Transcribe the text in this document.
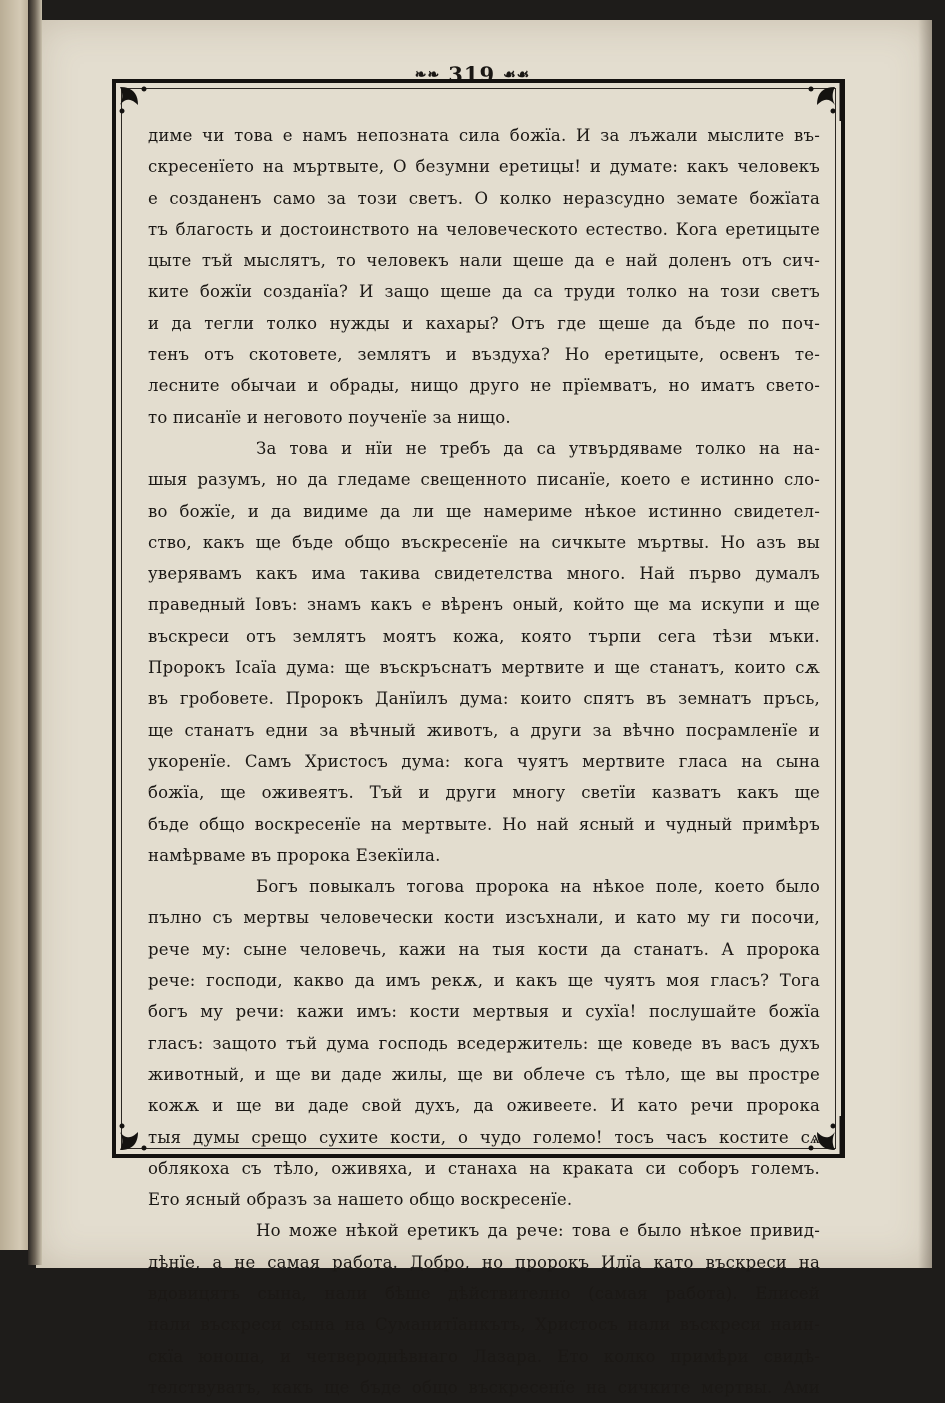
❧❧ 319 ☙☙
диме чи това е намъ непознатa сила божїа. И за лъжали мыслите въ-
скресенїето на мъртвыте, О безумни еретицы! и думате: какъ человекъ
е созданенъ само за този светъ. О колко неразсудно земате божїата
тъ благость и достоинството на человеческото естество. Кога еретицыте
цыте тъй мыслятъ, то человекъ нали щеше да е най доленъ отъ сич-
ките божїи созданїа? И защо щеше да са труди толко на този светъ
и да тегли толко нужды и кахары? Отъ где щеше да бъде по поч-
тенъ отъ скотовете, землятъ и въздуха? Но еретицыте, освенъ те-
лесните обычаи и обрады, нищо друго не прїемватъ, но иматъ свето-
то писанїе и неговото поученїе за нищо.
За това и нїи не требъ да са утвърдяваме толко на на-
шыя разумъ, но да гледаме свещенното писанїе, което е истинно сло-
во божїе, и да видиме да ли ще намериме нѣкое истинно свидетел-
ство, какъ ще бъде общо въскресенїе на сичкыте мъртвы. Но азъ вы
уверявамъ какъ има такива свидетелства много. Най първо думалъ
праведный Iовъ: знамъ какъ е вѣренъ оный, който ще ма искупи и ще
въскреси отъ землятъ моятъ кожа, която търпи сега тѣзи мъки.
Пророкъ Iсаїа дума: ще въскръснатъ мертвите и ще станатъ, които сѫ
въ гробовете. Пророкъ Данїилъ дума: които спятъ въ земнатъ пръсь,
ще станатъ едни за вѣчный животъ, а други за вѣчно посрамленїе и
укоренїе. Самъ Христосъ дума: кога чуятъ мертвите гласа на сына
божїа, ще оживеятъ. Тъй и други многу светїи казватъ какъ ще
бъде общо воскресенїе на мертвыте. Но най ясный и чудный примѣръ
намѣрваме въ пророка Езекїила.
Богъ повыкалъ тогова пророка на нѣкое поле, което было
пълно съ мертвы человечески кости изсъхнали, и като му ги посочи,
рече му: сыне человечь, кажи на тыя кости да станатъ. А пророка
рече: господи, какво да имъ рекѫ, и какъ ще чуятъ моя гласъ? Тога
богъ му речи: кажи имъ: кости мертвыя и сухїа! послушайте божїа
гласъ: защото тъй дума господь вседержитель: ще коведе въ васъ духъ
животный, и ще ви даде жилы, ще ви облече съ тѣло, ще вы простре
кожѫ и ще ви даде свой духъ, да оживеете. И като речи пророка
тыя думы срещо сухите кости, о чудо големо! тосъ часъ костите сѧ
облякоха съ тѣло, оживяха, и станаха на краката си соборъ големъ.
Ето ясный образъ за нашето общо воскресенїе.
Но може нѣкой еретикъ да рече: това е было нѣкое привид-
дѣнїе, а не самая работа. Добро, но пророкъ Илїа като въскреси на
вдовицятъ сына, нали бѣше дѣйствително (самая работа). Елисей
нали въскреси сына на Суманитїанкътъ, Христосъ нали въскреси наин-
скїа юноша, и четвероднѣвнаго Лазара. Ето колко примѣри свидѣ-
телствуватъ, какъ ще бъде общо въскресенїе на сичките мертвы. Ами
